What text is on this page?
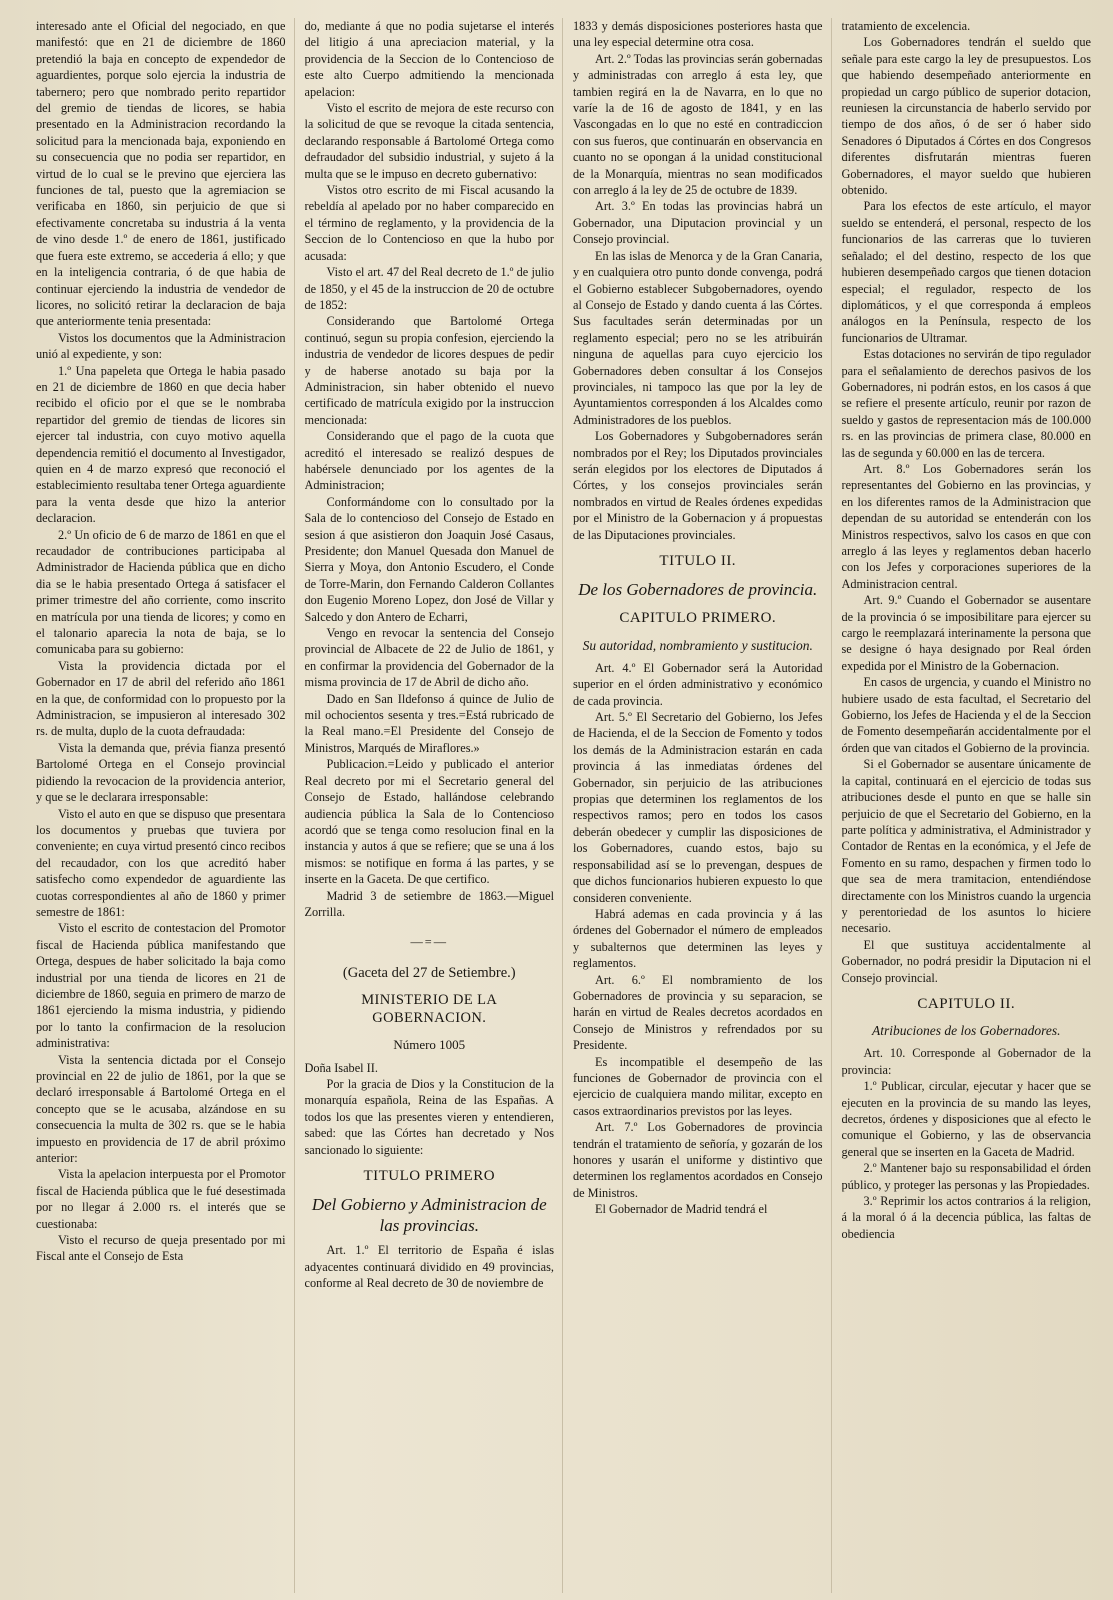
interesado ante el Oficial del negociado, en que manifestó: que en 21 de diciembre de 1860 pretendió la baja en concepto de expendedor de aguardientes, porque solo ejercia la industria de tabernero; pero que nombrado perito repartidor del gremio de tiendas de licores, se habia presentado en la Administracion recordando la solicitud para la mencionada baja, exponiendo en su consecuencia que no podia ser repartidor, en virtud de lo cual se le previno que ejerciera las funciones de tal, puesto que la agremiacion se verificaba en 1860, sin perjuicio de que si efectivamente concretaba su industria á la venta de vino desde 1.º de enero de 1861, justificado que fuera este extremo, se accederia á ello; y que en la inteligencia contraria, ó de que habia de continuar ejerciendo la industria de vendedor de licores, no solicitó retirar la declaracion de baja que anteriormente tenia presentada:

Vistos los documentos que la Administracion unió al expediente, y son:

1.º Una papeleta que Ortega le habia pasado en 21 de diciembre de 1860 en que decia haber recibido el oficio por el que se le nombraba repartidor del gremio de tiendas de licores sin ejercer tal industria, con cuyo motivo aquella dependencia remitió el documento al Investigador, quien en 4 de marzo expresó que reconoció el establecimiento resultaba tener Ortega aguardiente para la venta desde que hizo la anterior declaracion.

2.º Un oficio de 6 de marzo de 1861 en que el recaudador de contribuciones participaba al Administrador de Hacienda pública que en dicho dia se le habia presentado Ortega á satisfacer el primer trimestre del año corriente, como inscrito en matrícula por una tienda de licores; y como en el talonario aparecia la nota de baja, se lo comunicaba para su gobierno:

Vista la providencia dictada por el Gobernador en 17 de abril del referido año 1861 en la que, de conformidad con lo propuesto por la Administracion, se impusieron al interesado 302 rs. de multa, duplo de la cuota defraudada:

Vista la demanda que, prévia fianza presentó Bartolomé Ortega en el Consejo provincial pidiendo la revocacion de la providencia anterior, y que se le declarara irresponsable:

Visto el auto en que se dispuso que presentara los documentos y pruebas que tuviera por conveniente; en cuya virtud presentó cinco recibos del recaudador, con los que acreditó haber satisfecho como expendedor de aguardiente las cuotas correspondientes al año de 1860 y primer semestre de 1861:

Visto el escrito de contestacion del Promotor fiscal de Hacienda pública manifestando que Ortega, despues de haber solicitado la baja como industrial por una tienda de licores en 21 de diciembre de 1860, seguia en primero de marzo de 1861 ejerciendo la misma industria, y pidiendo por lo tanto la confirmacion de la resolucion administrativa:

Vista la sentencia dictada por el Consejo provincial en 22 de julio de 1861, por la que se declaró irresponsable á Bartolomé Ortega en el concepto que se le acusaba, alzándose en su consecuencia la multa de 302 rs. que se le habia impuesto en providencia de 17 de abril próximo anterior:

Vista la apelacion interpuesta por el Promotor fiscal de Hacienda pública que le fué desestimada por no llegar á 2.000 rs. el interés que se cuestionaba:

Visto el recurso de queja presentado por mi Fiscal ante el Consejo de Esta

do, mediante á que no podia sujetarse el interés del litigio á una apreciacion material, y la providencia de la Seccion de lo Contencioso de este alto Cuerpo admitiendo la mencionada apelacion:

Visto el escrito de mejora de este recurso con la solicitud de que se revoque la citada sentencia, declarando responsable á Bartolomé Ortega como defraudador del subsidio industrial, y sujeto á la multa que se le impuso en decreto gubernativo:

Vistos otro escrito de mi Fiscal acusando la rebeldía al apelado por no haber comparecido en el término de reglamento, y la providencia de la Seccion de lo Contencioso en que la hubo por acusada:

Visto el art. 47 del Real decreto de 1.º de julio de 1850, y el 45 de la instruccion de 20 de octubre de 1852:

Considerando que Bartolomé Ortega continuó, segun su propia confesion, ejerciendo la industria de vendedor de licores despues de pedir y de haberse anotado su baja por la Administracion, sin haber obtenido el nuevo certificado de matrícula exigido por la instruccion mencionada:

Considerando que el pago de la cuota que acreditó el interesado se realizó despues de habérsele denunciado por los agentes de la Administracion;

Conformándome con lo consultado por la Sala de lo contencioso del Consejo de Estado en sesion á que asistieron don Joaquin José Casaus, Presidente; don Manuel Quesada don Manuel de Sierra y Moya, don Antonio Escudero, el Conde de Torre-Marin, don Fernando Calderon Collantes don Eugenio Moreno Lopez, don José de Villar y Salcedo y don Antero de Echarri,

Vengo en revocar la sentencia del Consejo provincial de Albacete de 22 de Julio de 1861, y en confirmar la providencia del Gobernador de la misma provincia de 17 de Abril de dicho año.

Dado en San Ildefonso á quince de Julio de mil ochocientos sesenta y tres.=Está rubricado de la Real mano.=El Presidente del Consejo de Ministros, Marqués de Miraflores.»

Publicacion.=Leido y publicado el anterior Real decreto por mi el Secretario general del Consejo de Estado, hallándose celebrando audiencia pública la Sala de lo Contencioso acordó que se tenga como resolucion final en la instancia y autos á que se refiere; que se una á los mismos: se notifique en forma á las partes, y se inserte en la Gaceta. De que certifico.

Madrid 3 de setiembre de 1863.—Miguel Zorrilla.

—=—
(Gaceta del 27 de Setiembre.)
MINISTERIO DE LA GOBERNACION.
Número 1005

Doña Isabel II.

Por la gracia de Dios y la Constitucion de la monarquía española, Reina de las Españas. A todos los que las presentes vieren y entendieren, sabed: que las Córtes han decretado y Nos sancionado lo siguiente:

TITULO PRIMERO
Del Gobierno y Administracion de las provincias.

Art. 1.º El territorio de España é islas adyacentes continuará dividido en 49 provincias, conforme al Real decreto de 30 de noviembre de

1833 y demás disposiciones posteriores hasta que una ley especial determine otra cosa.

Art. 2.º Todas las provincias serán gobernadas y administradas con arreglo á esta ley, que tambien regirá en la de Navarra, en lo que no varíe la de 16 de agosto de 1841, y en las Vascongadas en lo que no esté en contradiccion con sus fueros, que continuarán en observancia en cuanto no se opongan á la unidad constitucional de la Monarquía, mientras no sean modificados con arreglo á la ley de 25 de octubre de 1839.

Art. 3.º En todas las provincias habrá un Gobernador, una Diputacion provincial y un Consejo provincial.

En las islas de Menorca y de la Gran Canaria, y en cualquiera otro punto donde convenga, podrá el Gobierno establecer Subgobernadores, oyendo al Consejo de Estado y dando cuenta á las Córtes. Sus facultades serán determinadas por un reglamento especial; pero no se les atribuirán ninguna de aquellas para cuyo ejercicio los Gobernadores deben consultar á los Consejos provinciales, ni tampoco las que por la ley de Ayuntamientos corresponden á los Alcaldes como Administradores de los pueblos.

Los Gobernadores y Subgobernadores serán nombrados por el Rey; los Diputados provinciales serán elegidos por los electores de Diputados á Córtes, y los consejos provinciales serán nombrados en virtud de Reales órdenes expedidas por el Ministro de la Gobernacion y á propuestas de las Diputaciones provinciales.

TITULO II.
De los Gobernadores de provincia.
CAPITULO PRIMERO.
Su autoridad, nombramiento y sustitucion.

Art. 4.º El Gobernador será la Autoridad superior en el órden administrativo y económico de cada provincia.

Art. 5.º El Secretario del Gobierno, los Jefes de Hacienda, el de la Seccion de Fomento y todos los demás de la Administracion estarán en cada provincia á las inmediatas órdenes del Gobernador, sin perjuicio de las atribuciones propias que determinen los reglamentos de los respectivos ramos; pero en todos los casos deberán obedecer y cumplir las disposiciones de los Gobernadores, cuando estos, bajo su responsabilidad así se lo prevengan, despues de que dichos funcionarios hubieren expuesto lo que consideren conveniente.

Habrá ademas en cada provincia y á las órdenes del Gobernador el número de empleados y subalternos que determinen las leyes y reglamentos.

Art. 6.º El nombramiento de los Gobernadores de provincia y su separacion, se harán en virtud de Reales decretos acordados en Consejo de Ministros y refrendados por su Presidente.

Es incompatible el desempeño de las funciones de Gobernador de provincia con el ejercicio de cualquiera mando militar, excepto en casos extraordinarios previstos por las leyes.

Art. 7.º Los Gobernadores de provincia tendrán el tratamiento de señoría, y gozarán de los honores y usarán el uniforme y distintivo que determinen los reglamentos acordados en Consejo de Ministros.

El Gobernador de Madrid tendrá el

tratamiento de excelencia.

Los Gobernadores tendrán el sueldo que señale para este cargo la ley de presupuestos. Los que habiendo desempeñado anteriormente en propiedad un cargo público de superior dotacion, reuniesen la circunstancia de haberlo servido por tiempo de dos años, ó de ser ó haber sido Senadores ó Diputados á Córtes en dos Congresos diferentes disfrutarán mientras fueren Gobernadores, el mayor sueldo que hubieren obtenido.

Para los efectos de este artículo, el mayor sueldo se entenderá, el personal, respecto de los funcionarios de las carreras que lo tuvieren señalado; el del destino, respecto de los que hubieren desempeñado cargos que tienen dotacion especial; el regulador, respecto de los diplomáticos, y el que corresponda á empleos análogos en la Península, respecto de los funcionarios de Ultramar.

Estas dotaciones no servirán de tipo regulador para el señalamiento de derechos pasivos de los Gobernadores, ni podrán estos, en los casos á que se refiere el presente artículo, reunir por razon de sueldo y gastos de representacion más de 100.000 rs. en las provincias de primera clase, 80.000 en las de segunda y 60.000 en las de tercera.

Art. 8.º Los Gobernadores serán los representantes del Gobierno en las provincias, y en los diferentes ramos de la Administracion que dependan de su autoridad se entenderán con los Ministros respectivos, salvo los casos en que con arreglo á las leyes y reglamentos deban hacerlo con los Jefes y corporaciones superiores de la Administracion central.

Art. 9.º Cuando el Gobernador se ausentare de la provincia ó se imposibilitare para ejercer su cargo le reemplazará interinamente la persona que se designe ó haya designado por Real órden expedida por el Ministro de la Gobernacion.

En casos de urgencia, y cuando el Ministro no hubiere usado de esta facultad, el Secretario del Gobierno, los Jefes de Hacienda y el de la Seccion de Fomento desempeñarán accidentalmente por el órden que van citados el Gobierno de la provincia.

Si el Gobernador se ausentare únicamente de la capital, continuará en el ejercicio de todas sus atribuciones desde el punto en que se halle sin perjuicio de que el Secretario del Gobierno, en la parte política y administrativa, el Administrador y Contador de Rentas en la económica, y el Jefe de Fomento en su ramo, despachen y firmen todo lo que sea de mera tramitacion, entendiéndose directamente con los Ministros cuando la urgencia y perentoriedad de los asuntos lo hiciere necesario.

El que sustituya accidentalmente al Gobernador, no podrá presidir la Diputacion ni el Consejo provincial.

CAPITULO II.
Atribuciones de los Gobernadores.

Art. 10. Corresponde al Gobernador de la provincia:

1.º Publicar, circular, ejecutar y hacer que se ejecuten en la provincia de su mando las leyes, decretos, órdenes y disposiciones que al efecto le comunique el Gobierno, y las de observancia general que se inserten en la Gaceta de Madrid.

2.º Mantener bajo su responsabilidad el órden público, y proteger las personas y las Propiedades.

3.º Reprimir los actos contrarios á la religion, á la moral ó á la decencia pública, las faltas de obediencia
